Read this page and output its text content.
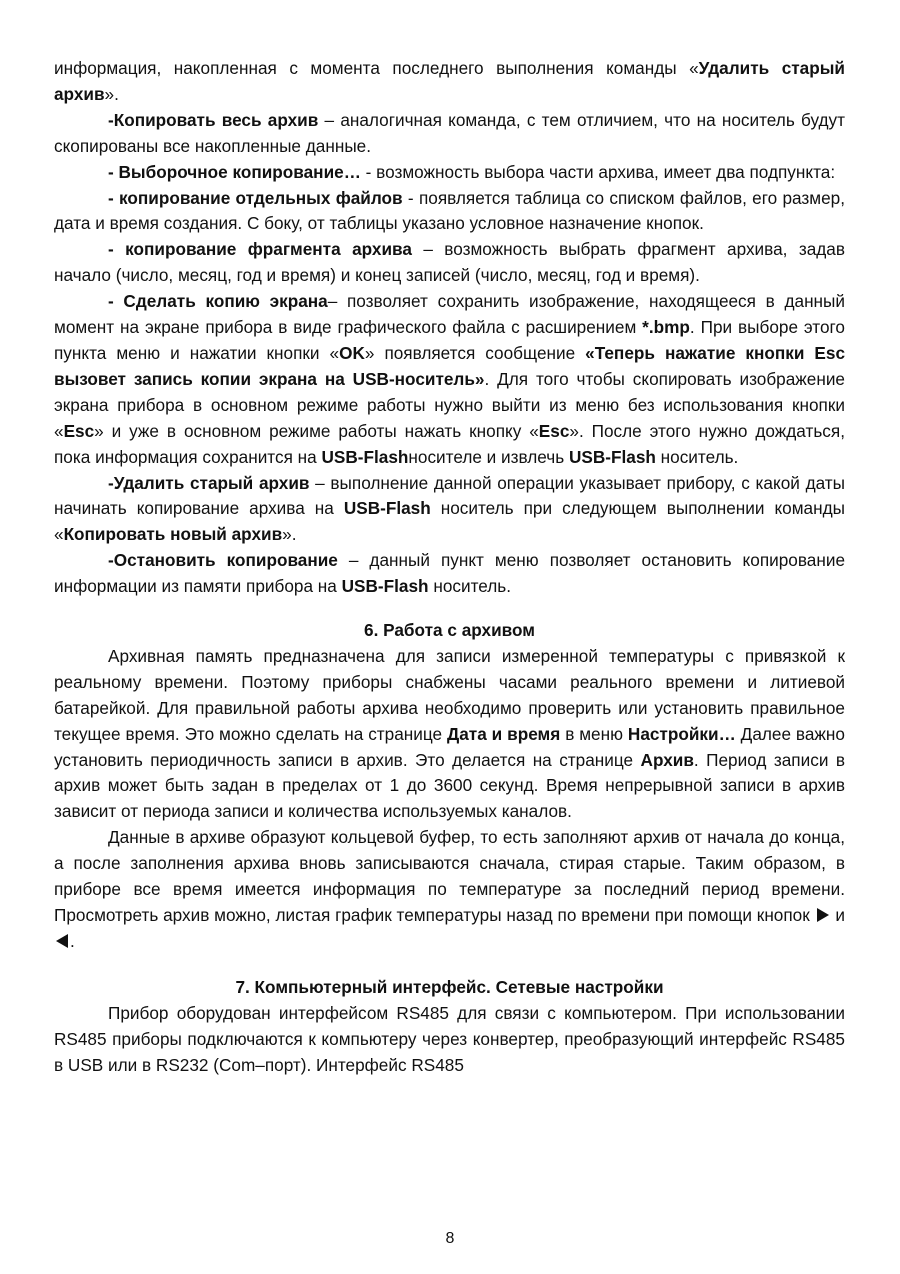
информация, накопленная с момента последнего выполнения команды «Удалить старый архив».

-Копировать весь архив – аналогичная команда, с тем отличием, что на носитель будут скопированы все накопленные данные.

- Выборочное копирование… - возможность выбора части архива, имеет два подпункта:

- копирование отдельных файлов - появляется таблица со списком файлов, его размер, дата и время создания. С боку, от таблицы указано условное назначение кнопок.

- копирование фрагмента архива – возможность выбрать фрагмент архива, задав начало (число, месяц, год и время) и конец записей (число, месяц, год и время).

- Сделать копию экрана– позволяет сохранить изображение, находящееся в данный момент на экране прибора в виде графического файла с расширением *.bmp. При выборе этого пункта меню и нажатии кнопки «OK» появляется сообщение «Теперь нажатие кнопки Esc вызовет запись копии экрана на USB-носитель». Для того чтобы скопировать изображение экрана прибора в основном режиме работы нужно выйти из меню без использования кнопки «Esc» и уже в основном режиме работы нажать кнопку «Esc». После этого нужно дождаться, пока информация сохранится на USB-Flashносителе и извлечь USB-Flash носитель.

-Удалить старый архив – выполнение данной операции указывает прибору, с какой даты начинать копирование архива на USB-Flash носитель при следующем выполнении команды «Копировать новый архив».

-Остановить копирование – данный пункт меню позволяет остановить копирование информации из памяти прибора на USB-Flash носитель.

6. Работа с архивом

Архивная память предназначена для записи измеренной температуры с привязкой к реальному времени. Поэтому приборы снабжены часами реального времени и литиевой батарейкой. Для правильной работы архива необходимо проверить или установить правильное текущее время. Это можно сделать на странице Дата и время в меню Настройки… Далее важно установить периодичность записи в архив. Это делается на странице Архив. Период записи в архив может быть задан в пределах от 1 до 3600 секунд. Время непрерывной записи в архив зависит от периода записи и количества используемых каналов.

Данные в архиве образуют кольцевой буфер, то есть заполняют архив от начала до конца, а после заполнения архива вновь записываются сначала, стирая старые. Таким образом, в приборе все время имеется информация по температуре за последний период времени. Просмотреть архив можно, листая график температуры назад по времени при помощи кнопок  и .

7. Компьютерный интерфейс. Сетевые настройки

Прибор оборудован интерфейсом RS485 для связи с компьютером. При использовании RS485 приборы подключаются к компьютеру через конвертер, преобразующий интерфейс RS485 в USB или в RS232 (Com–порт). Интерфейс RS485

8
